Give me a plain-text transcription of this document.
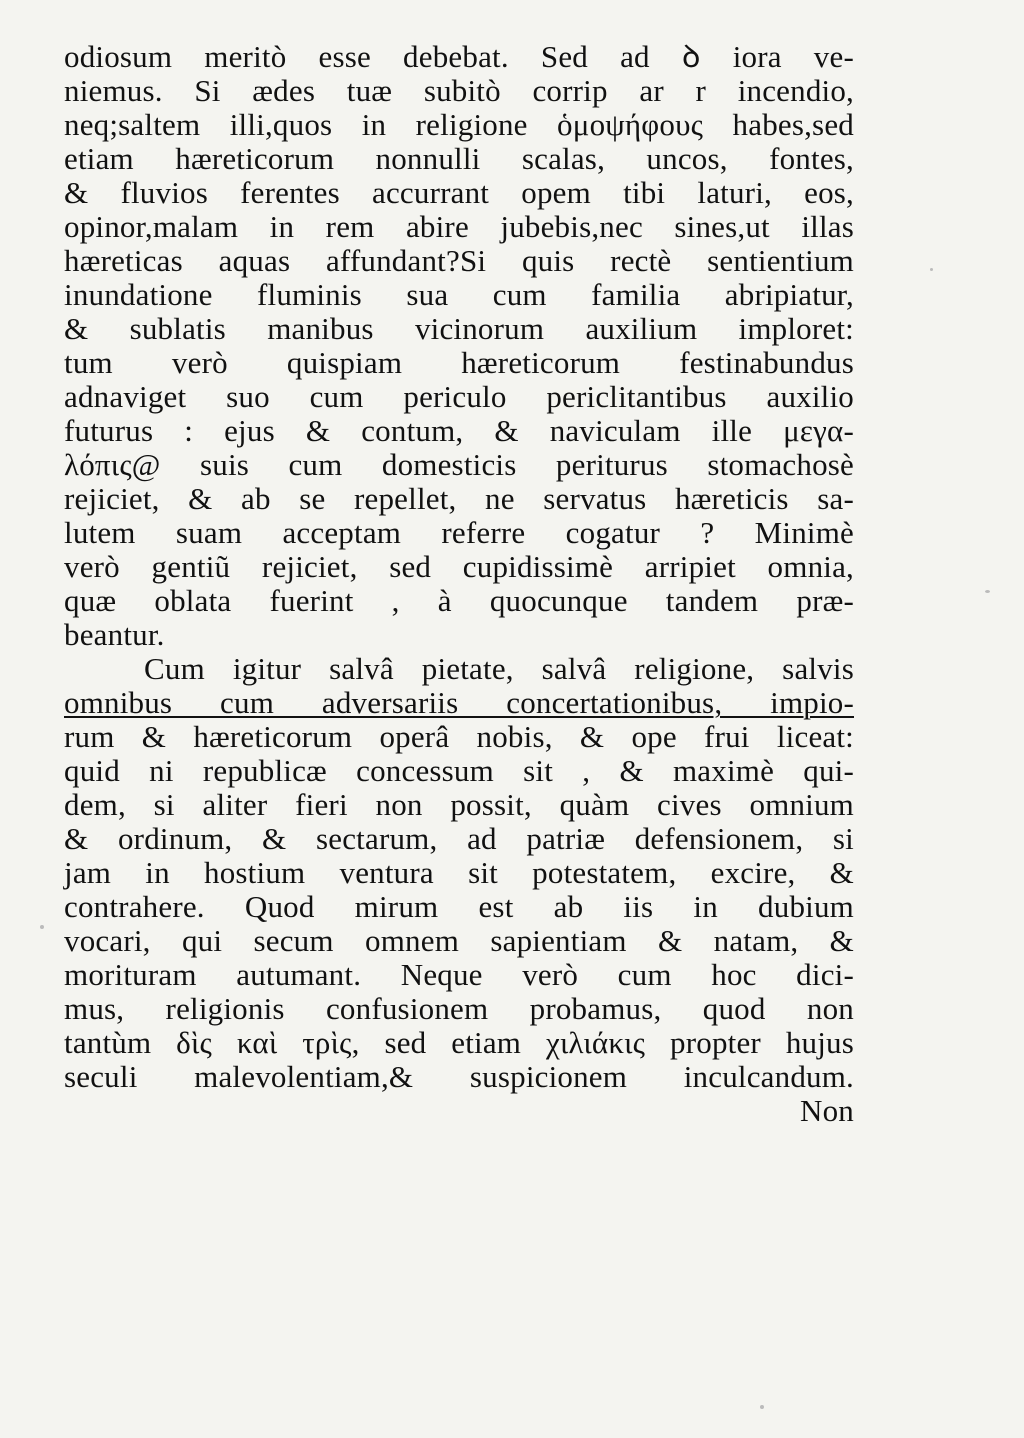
odiosum meritò esse debebat. Sed ad ꝺ iora ve-
niemus. Si ædes tuæ subitò corrip ar r incendio,
neq;saltem illi,quos in religione ὁμοψήφους habes,sed
etiam hæreticorum nonnulli scalas, uncos, fontes,
& fluvios ferentes accurrant opem tibi laturi, eos,
opinor,malam in rem abire jubebis,nec sines,ut illas
hæreticas aquas affundant?Si quis rectè sentientium
inundatione fluminis sua cum familia abripiatur,
& sublatis manibus vicinorum auxilium imploret:
tum verò quispiam hæreticorum festinabundus
adnaviget suo cum periculo periclitantibus auxilio
futurus : ejus & contum, & naviculam ille μεγα-
λόπις@ suis cum domesticis periturus stomachosè
rejiciet, & ab se repellet, ne servatus hæreticis sa-
lutem suam acceptam referre cogatur ? Minimè
verò gentiũ rejiciet, sed cupidissimè arripiet omnia,
quæ oblata fuerint , à quocunque tandem præ-
beantur.
Cum igitur salvâ pietate, salvâ religione, salvis
omnibus cum adversariis concertationibus, impio-
rum & hæreticorum operâ nobis, & ope frui liceat:
quid ni republicæ concessum sit , & maximè qui-
dem, si aliter fieri non possit, quàm cives omnium
& ordinum, & sectarum, ad patriæ defensionem, si
jam in hostium ventura sit potestatem, excire, &
contrahere. Quod mirum est ab iis in dubium
vocari, qui secum omnem sapientiam & natam, &
morituram autumant. Neque verò cum hoc dici-
mus, religionis confusionem probamus, quod non
tantùm δὶς καὶ τρὶς, sed etiam χιλιάκις propter hujus
seculi malevolentiam,& suspicionem inculcandum.
Non
